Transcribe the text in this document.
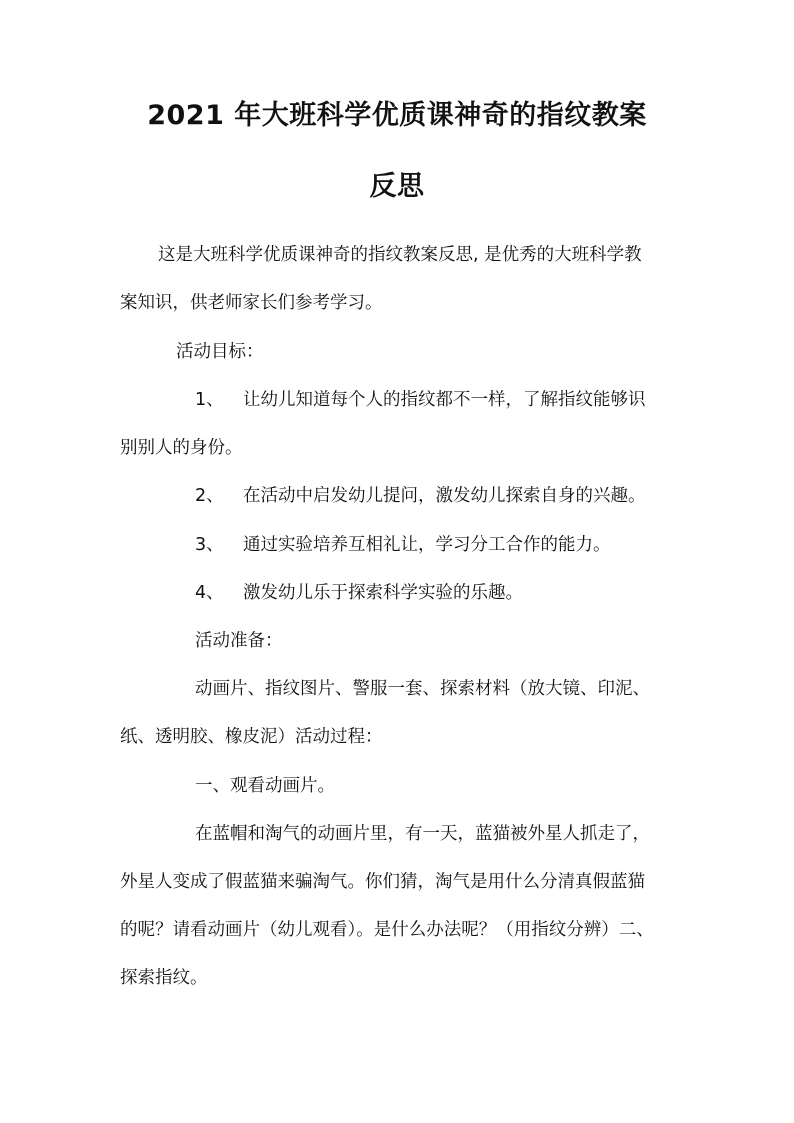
2021 年大班科学优质课神奇的指纹教案
反思
这是大班科学优质课神奇的指纹教案反思, 是优秀的大班科学教
案知识，供老师家长们参考学习。
活动目标：
1、 让幼儿知道每个人的指纹都不一样，了解指纹能够识
别别人的身份。
2、 在活动中启发幼儿提问，激发幼儿探索自身的兴趣。
3、 通过实验培养互相礼让，学习分工合作的能力。
4、 激发幼儿乐于探索科学实验的乐趣。
活动准备：
动画片、指纹图片、警服一套、探索材料（放大镜、印泥、
纸、透明胶、橡皮泥）活动过程：
一、观看动画片。
在蓝帽和淘气的动画片里，有一天，蓝猫被外星人抓走了，
外星人变成了假蓝猫来骗淘气。你们猜，淘气是用什么分清真假蓝猫
的呢？请看动画片（幼儿观看）。是什么办法呢？（用指纹分辨）二、
探索指纹。
